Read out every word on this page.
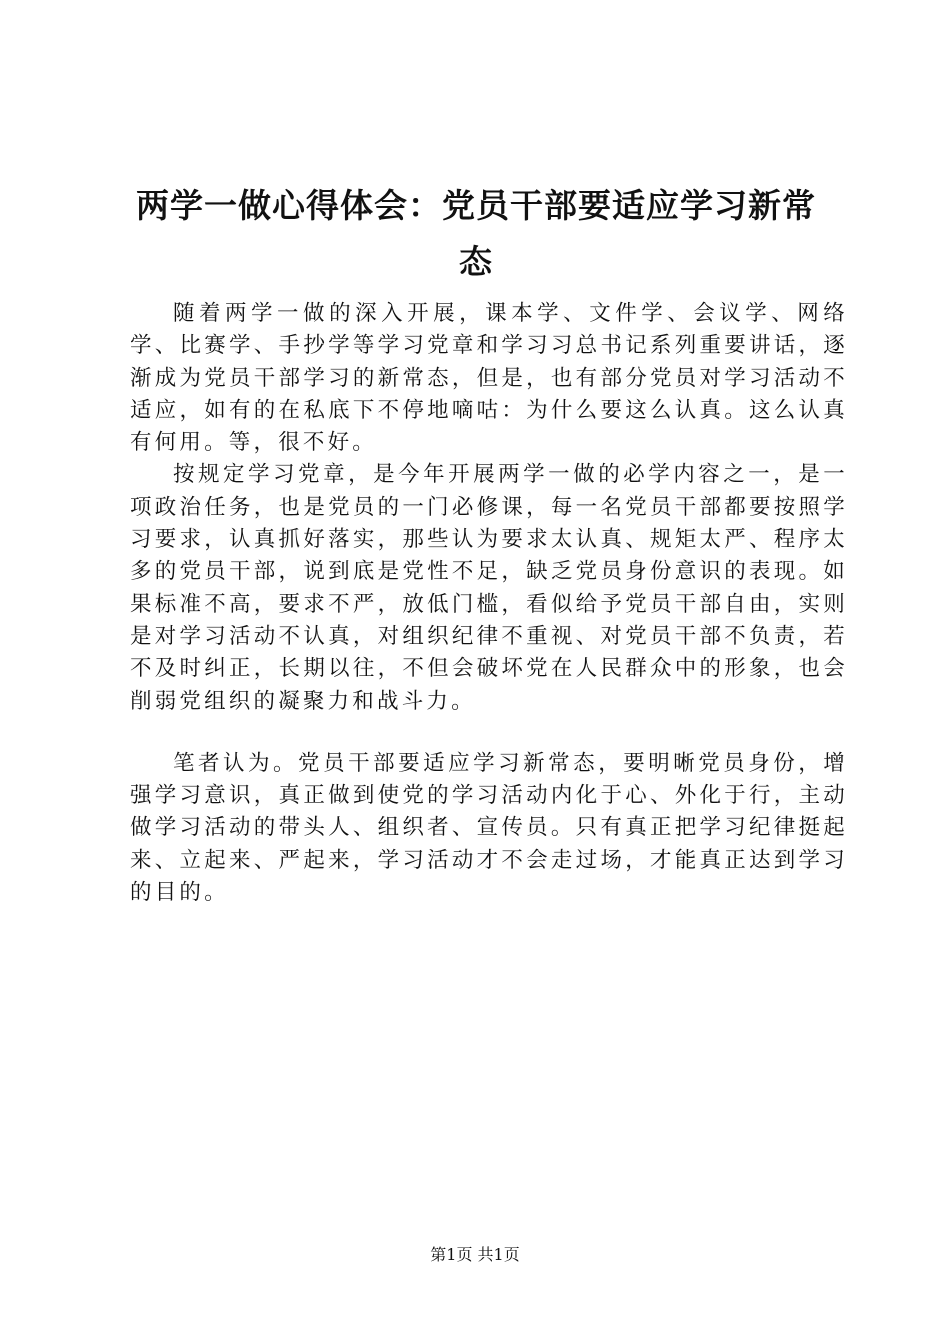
两学一做心得体会：党员干部要适应学习新常态

随着两学一做的深入开展，课本学、文件学、会议学、网络学、比赛学、手抄学等学习党章和学习习总书记系列重要讲话，逐渐成为党员干部学习的新常态，但是，也有部分党员对学习活动不适应，如有的在私底下不停地嘀咕：为什么要这么认真。这么认真有何用。等，很不好。

按规定学习党章，是今年开展两学一做的必学内容之一，是一项政治任务，也是党员的一门必修课，每一名党员干部都要按照学习要求，认真抓好落实，那些认为要求太认真、规矩太严、程序太多的党员干部，说到底是党性不足，缺乏党员身份意识的表现。如果标准不高，要求不严，放低门槛，看似给予党员干部自由，实则是对学习活动不认真，对组织纪律不重视、对党员干部不负责，若不及时纠正，长期以往，不但会破坏党在人民群众中的形象，也会削弱党组织的凝聚力和战斗力。

笔者认为。党员干部要适应学习新常态，要明晰党员身份，增强学习意识，真正做到使党的学习活动内化于心、外化于行，主动做学习活动的带头人、组织者、宣传员。只有真正把学习纪律挺起来、立起来、严起来，学习活动才不会走过场，才能真正达到学习的目的。

第1页 共1页
